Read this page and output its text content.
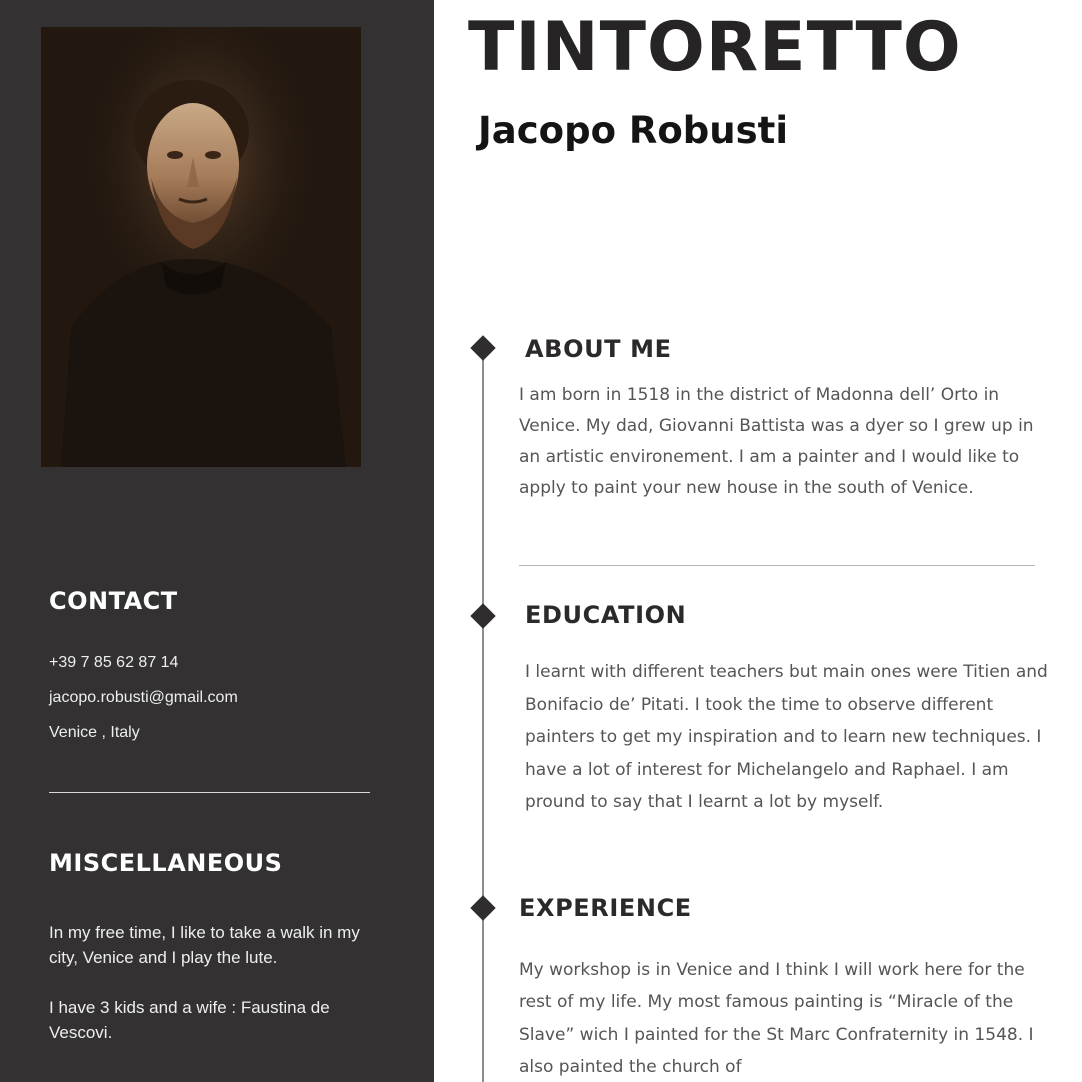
CONTACT
+39 7 85 62 87 14
jacopo.robusti@gmail.com
Venice , Italy
MISCELLANEOUS

In my free time, I like to take a walk in my city, Venice and I play the lute.

I have 3 kids and a wife : Faustina de Vescovi.

TINTORETTO
Jacopo Robusti
ABOUT ME

I am born in 1518 in the district of Madonna dell’ Orto in Venice. My dad, Giovanni Battista was a dyer so I grew up in an artistic environement. I am a painter and I would like to apply to paint your new house in the south of Venice.

EDUCATION

I learnt with different teachers but main ones were Titien and Bonifacio de’ Pitati. I took the time to observe different painters to get my inspiration and to learn new techniques. I have a lot of interest for Michelangelo and Raphael. I am pround to say that I learnt a lot by myself.

EXPERIENCE

My workshop is in Venice and I think I will work here for the rest of my life. My most famous painting is “Miracle of the Slave” wich I painted for the St Marc Confraternity in 1548. I also painted the church of
